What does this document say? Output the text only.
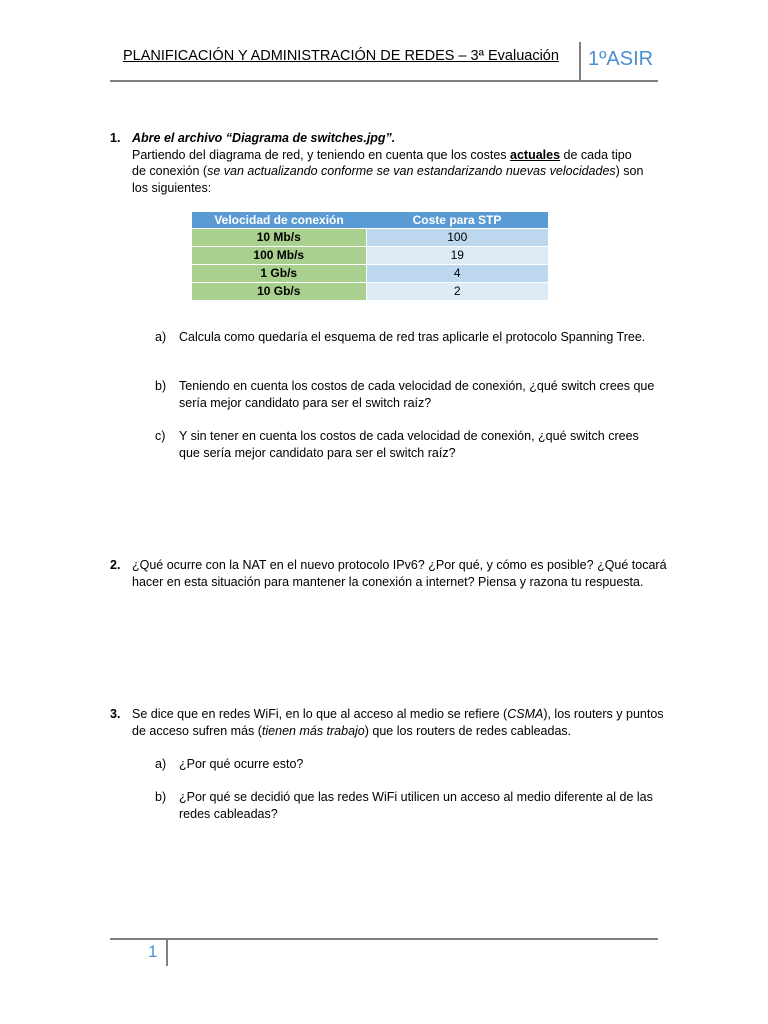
PLANIFICACIÓN Y ADMINISTRACIÓN DE REDES – 3ª Evaluación 1ºASIR
1. Abre el archivo “Diagrama de switches.jpg”.

Partiendo del diagrama de red, y teniendo en cuenta que los costes actuales de cada tipo

de conexión (se van actualizando conforme se van estandarizando nuevas velocidades) son

los siguientes:

Velocidad de conexión	Coste para STP
10 Mb/s	100
100 Mb/s	19
1 Gb/s	4
10 Gb/s	2
a) Calcula como quedaría el esquema de red tras aplicarle el protocolo Spanning Tree.
b) Teniendo en cuenta los costos de cada velocidad de conexión, ¿qué switch crees que sería mejor candidato para ser el switch raíz?
c) Y sin tener en cuenta los costos de cada velocidad de conexión, ¿qué switch crees que sería mejor candidato para ser el switch raíz?
2. ¿Qué ocurre con la NAT en el nuevo protocolo IPv6? ¿Por qué, y cómo es posible? ¿Qué tocará hacer en esta situación para mantener la conexión a internet? Piensa y razona tu respuesta.
3. Se dice que en redes WiFi, en lo que al acceso al medio se refiere (CSMA), los routers y puntos de acceso sufren más (tienen más trabajo) que los routers de redes cableadas.
a) ¿Por qué ocurre esto?
b) ¿Por qué se decidió que las redes WiFi utilicen un acceso al medio diferente al de las redes cableadas?
1
